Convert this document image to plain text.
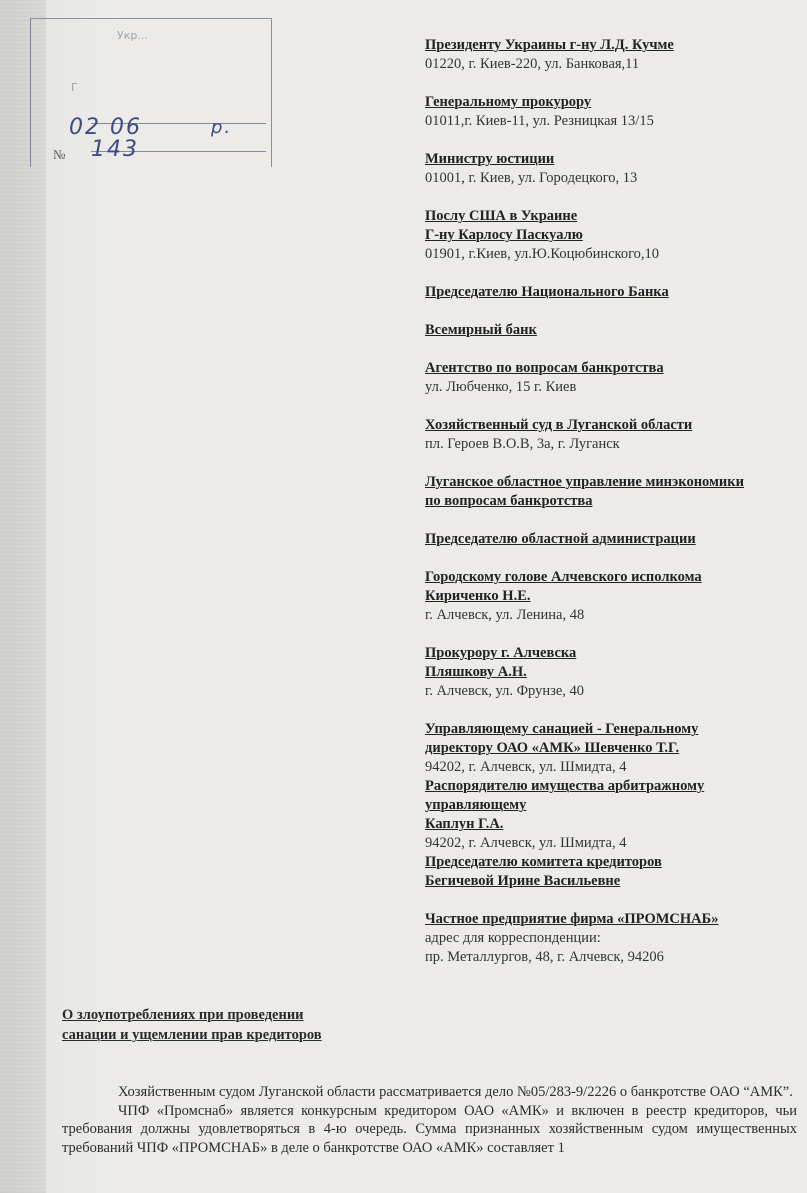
Укр...
Г
02 06	р.
143
№
Президенту Украины г-ну Л.Д. Кучме
01220, г. Киев-220, ул. Банковая,11
Генеральному прокурору
01011,г. Киев-11, ул. Резницкая 13/15
Министру юстиции
01001, г. Киев, ул. Городецкого, 13
Послу США в Украине
Г-ну Карлосу Паскуалю
01901, г.Киев, ул.Ю.Коцюбинского,10
Председателю Национального Банка
Всемирный банк
Агентство по вопросам банкротства
ул. Любченко, 15 г. Киев
Хозяйственный суд в Луганской области
пл. Героев В.О.В, 3а, г. Луганск
Луганское областное управление минэкономики
по вопросам банкротства
Председателю областной администрации
Городскому голове Алчевского исполкома
Кириченко Н.Е.
г. Алчевск, ул. Ленина, 48
Прокурору г. Алчевска
Пляшкову А.Н.
г. Алчевск, ул. Фрунзе, 40
Управляющему санацией - Генеральному
директору ОАО «АМК» Шевченко Т.Г.
94202, г. Алчевск, ул. Шмидта, 4
Распорядителю имущества арбитражному
управляющему
Каплун Г.А.
94202, г. Алчевск, ул. Шмидта, 4
Председателю комитета кредиторов
Бегичевой Ирине Васильевне
Частное предприятие фирма «ПРОМСНАБ»
адрес для корреспонденции:
пр. Металлургов, 48, г. Алчевск, 94206
О злоупотреблениях при проведении
санации и ущемлении прав кредиторов

Хозяйственным судом Луганской области рассматривается дело №05/283-9/2226 о банкротстве ОАО “АМК”.

ЧПФ «Промснаб» является конкурсным кредитором ОАО «АМК» и включен в реестр кредиторов, чьи требования должны удовлетворяться в 4-ю очередь. Сумма признанных хозяйственным судом имущественных требований ЧПФ «ПРОМСНАБ» в деле о банкротстве ОАО «АМК» составляет 1
